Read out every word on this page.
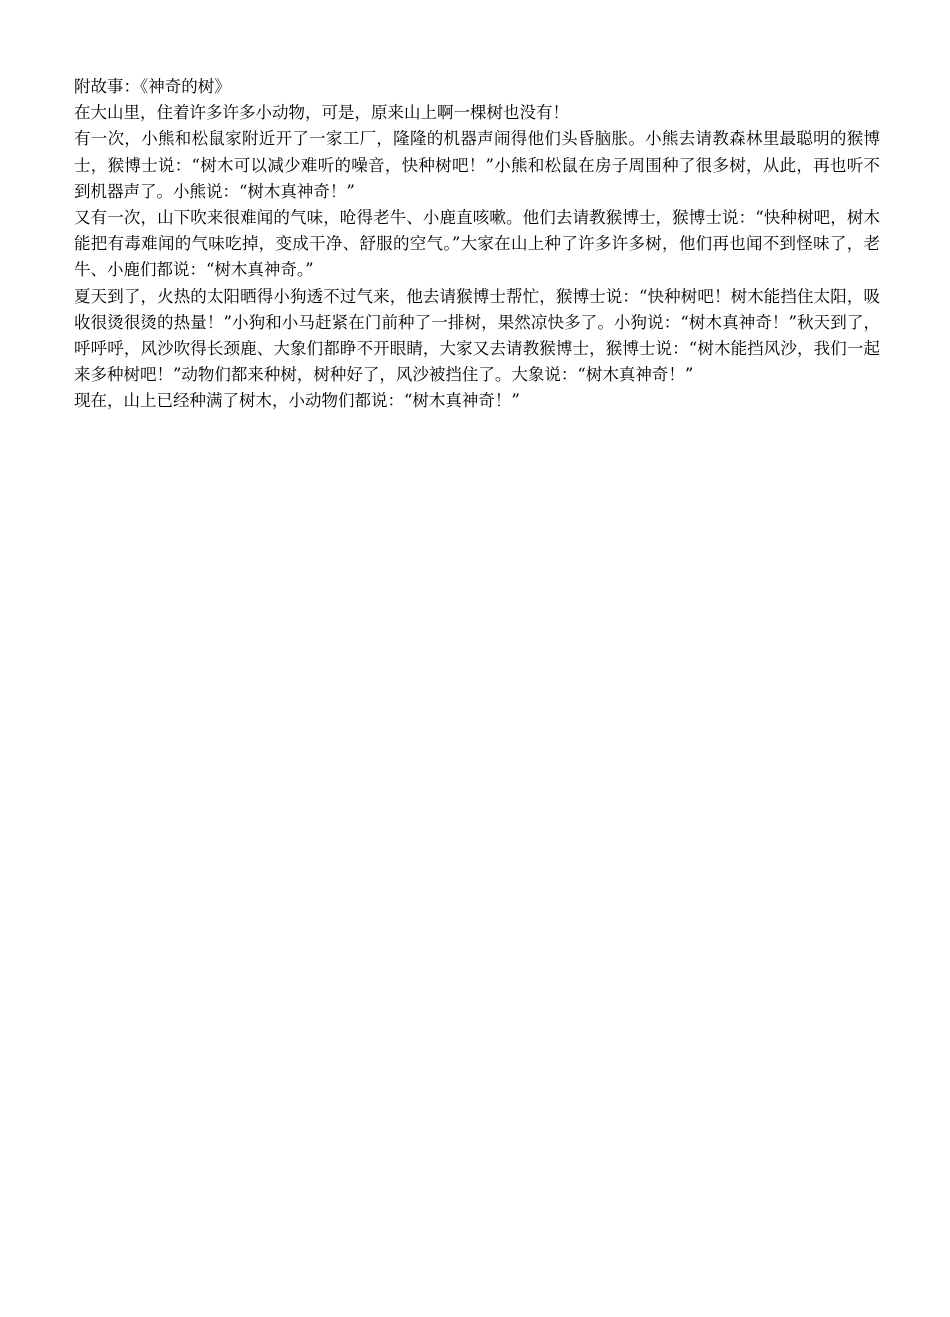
附故事：《神奇的树》

在大山里，住着许多许多小动物，可是，原来山上啊一棵树也没有！

有一次，小熊和松鼠家附近开了一家工厂，隆隆的机器声闹得他们头昏脑胀。小熊去请教森林里最聪明的猴博士，猴博士说：“树木可以减少难听的噪音，快种树吧！”小熊和松鼠在房子周围种了很多树，从此，再也听不到机器声了。小熊说：“树木真神奇！”

又有一次，山下吹来很难闻的气味，呛得老牛、小鹿直咳嗽。他们去请教猴博士，猴博士说：“快种树吧，树木能把有毒难闻的气味吃掉，变成干净、舒服的空气。”大家在山上种了许多许多树，他们再也闻不到怪味了，老牛、小鹿们都说：“树木真神奇。”

夏天到了，火热的太阳晒得小狗透不过气来，他去请猴博士帮忙，猴博士说：“快种树吧！树木能挡住太阳，吸收很烫很烫的热量！”小狗和小马赶紧在门前种了一排树，果然凉快多了。小狗说：“树木真神奇！”秋天到了，呼呼呼，风沙吹得长颈鹿、大象们都睁不开眼睛，大家又去请教猴博士，猴博士说：“树木能挡风沙，我们一起来多种树吧！”动物们都来种树，树种好了，风沙被挡住了。大象说：“树木真神奇！”

现在，山上已经种满了树木，小动物们都说：“树木真神奇！”
